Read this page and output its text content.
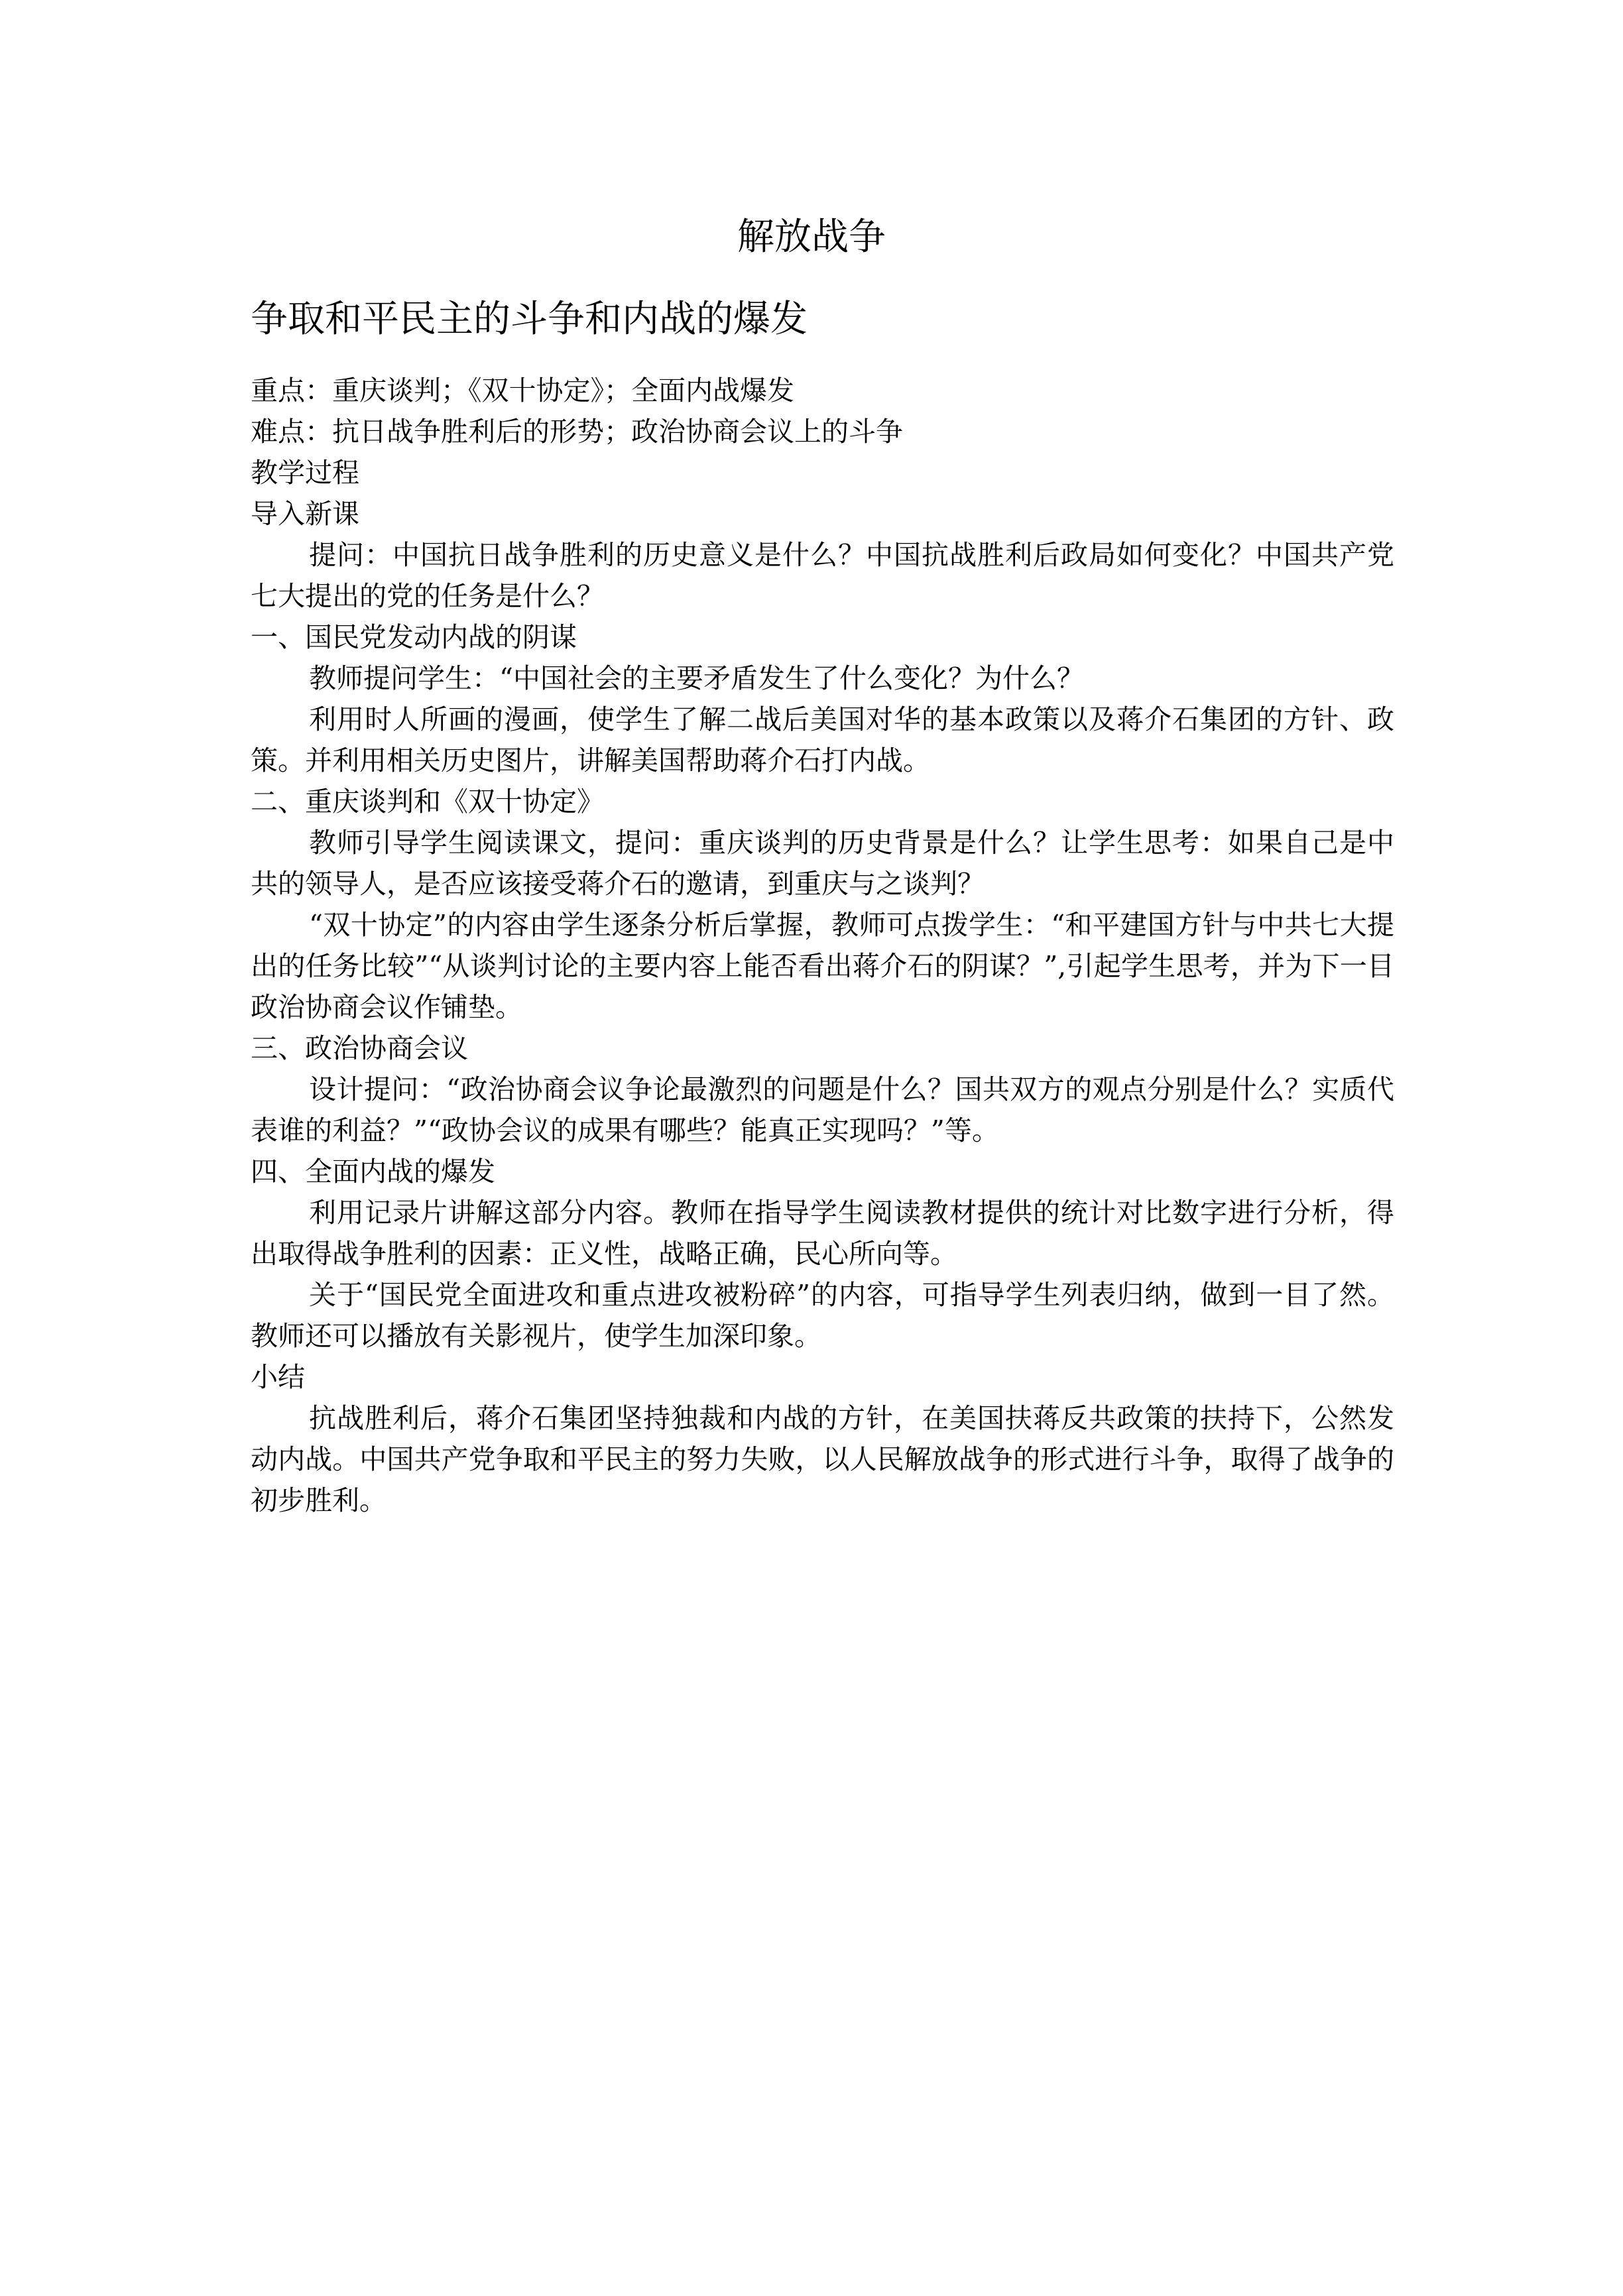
解放战争
争取和平民主的斗争和内战的爆发

重点：重庆谈判；《双十协定》；全面内战爆发

难点：抗日战争胜利后的形势；政治协商会议上的斗争

教学过程

导入新课

提问：中国抗日战争胜利的历史意义是什么？中国抗战胜利后政局如何变化？中国共产党七大提出的党的任务是什么？

一、国民党发动内战的阴谋

教师提问学生：“中国社会的主要矛盾发生了什么变化？为什么？

利用时人所画的漫画，使学生了解二战后美国对华的基本政策以及蒋介石集团的方针、政策。并利用相关历史图片，讲解美国帮助蒋介石打内战。

二、重庆谈判和《双十协定》

教师引导学生阅读课文，提问：重庆谈判的历史背景是什么？让学生思考：如果自己是中共的领导人，是否应该接受蒋介石的邀请，到重庆与之谈判？

“双十协定”的内容由学生逐条分析后掌握，教师可点拨学生：“和平建国方针与中共七大提出的任务比较”“从谈判讨论的主要内容上能否看出蒋介石的阴谋？”,引起学生思考，并为下一目政治协商会议作铺垫。

三、政治协商会议

设计提问：“政治协商会议争论最激烈的问题是什么？国共双方的观点分别是什么？实质代表谁的利益？”“政协会议的成果有哪些？能真正实现吗？”等。

四、全面内战的爆发

利用记录片讲解这部分内容。教师在指导学生阅读教材提供的统计对比数字进行分析，得出取得战争胜利的因素：正义性，战略正确，民心所向等。

关于“国民党全面进攻和重点进攻被粉碎”的内容，可指导学生列表归纳，做到一目了然。教师还可以播放有关影视片，使学生加深印象。

小结

抗战胜利后，蒋介石集团坚持独裁和内战的方针，在美国扶蒋反共政策的扶持下，公然发动内战。中国共产党争取和平民主的努力失败，以人民解放战争的形式进行斗争，取得了战争的初步胜利。
